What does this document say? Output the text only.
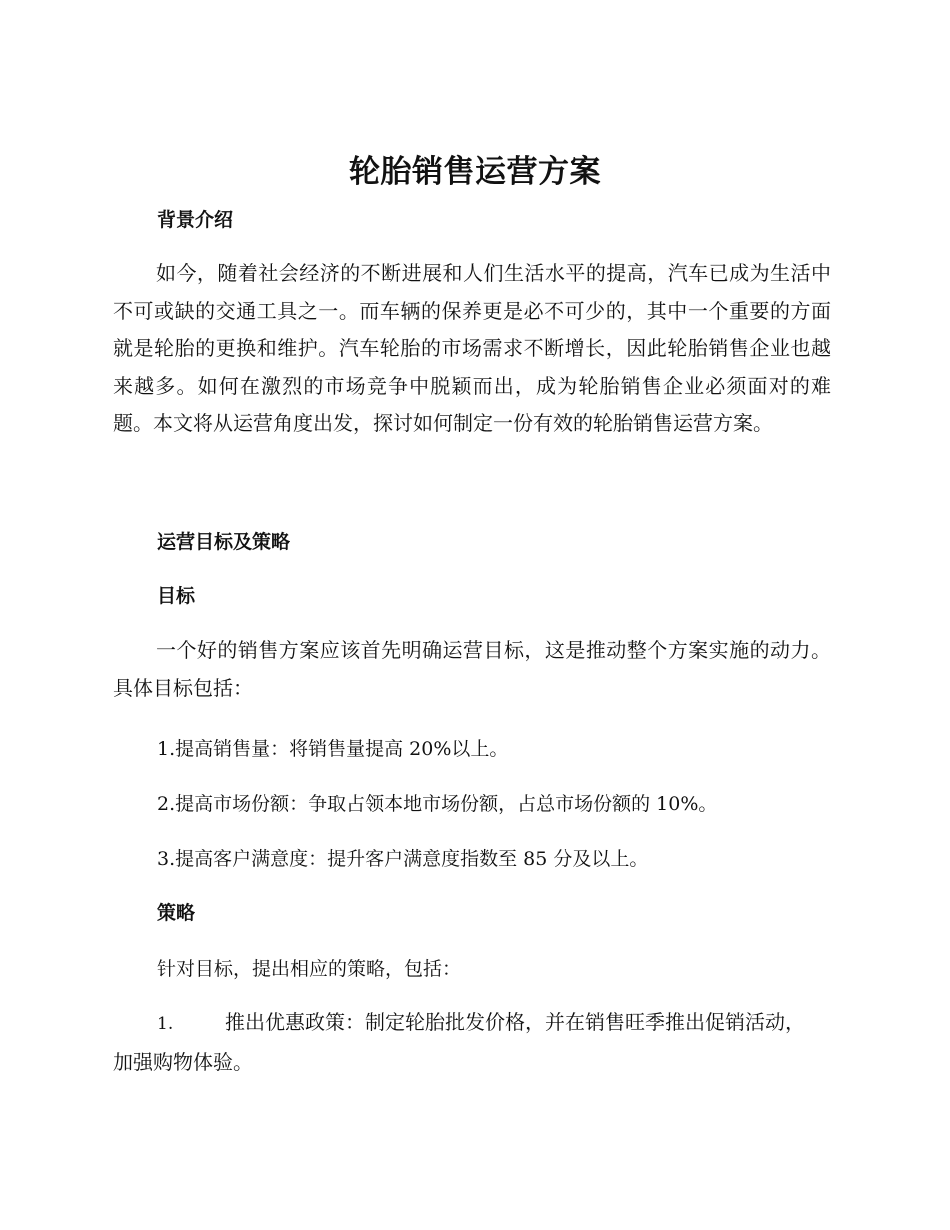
轮胎销售运营方案
背景介绍

如今，随着社会经济的不断进展和人们生活水平的提高，汽车已成为生活中不可或缺的交通工具之一。而车辆的保养更是必不可少的，其中一个重要的方面就是轮胎的更换和维护。汽车轮胎的市场需求不断增长，因此轮胎销售企业也越来越多。如何在激烈的市场竞争中脱颖而出，成为轮胎销售企业必须面对的难题。本文将从运营角度出发，探讨如何制定一份有效的轮胎销售运营方案。

运营目标及策略
目标

一个好的销售方案应该首先明确运营目标，这是推动整个方案实施的动力。具体目标包括：

1.提高销售量：将销售量提高 20%以上。
2.提高市场份额：争取占领本地市场份额，占总市场份额的 10%。
3.提高客户满意度：提升客户满意度指数至 85 分及以上。
策略
针对目标，提出相应的策略，包括：

1.	推出优惠政策：制定轮胎批发价格，并在销售旺季推出促销活动，加强购物体验。
